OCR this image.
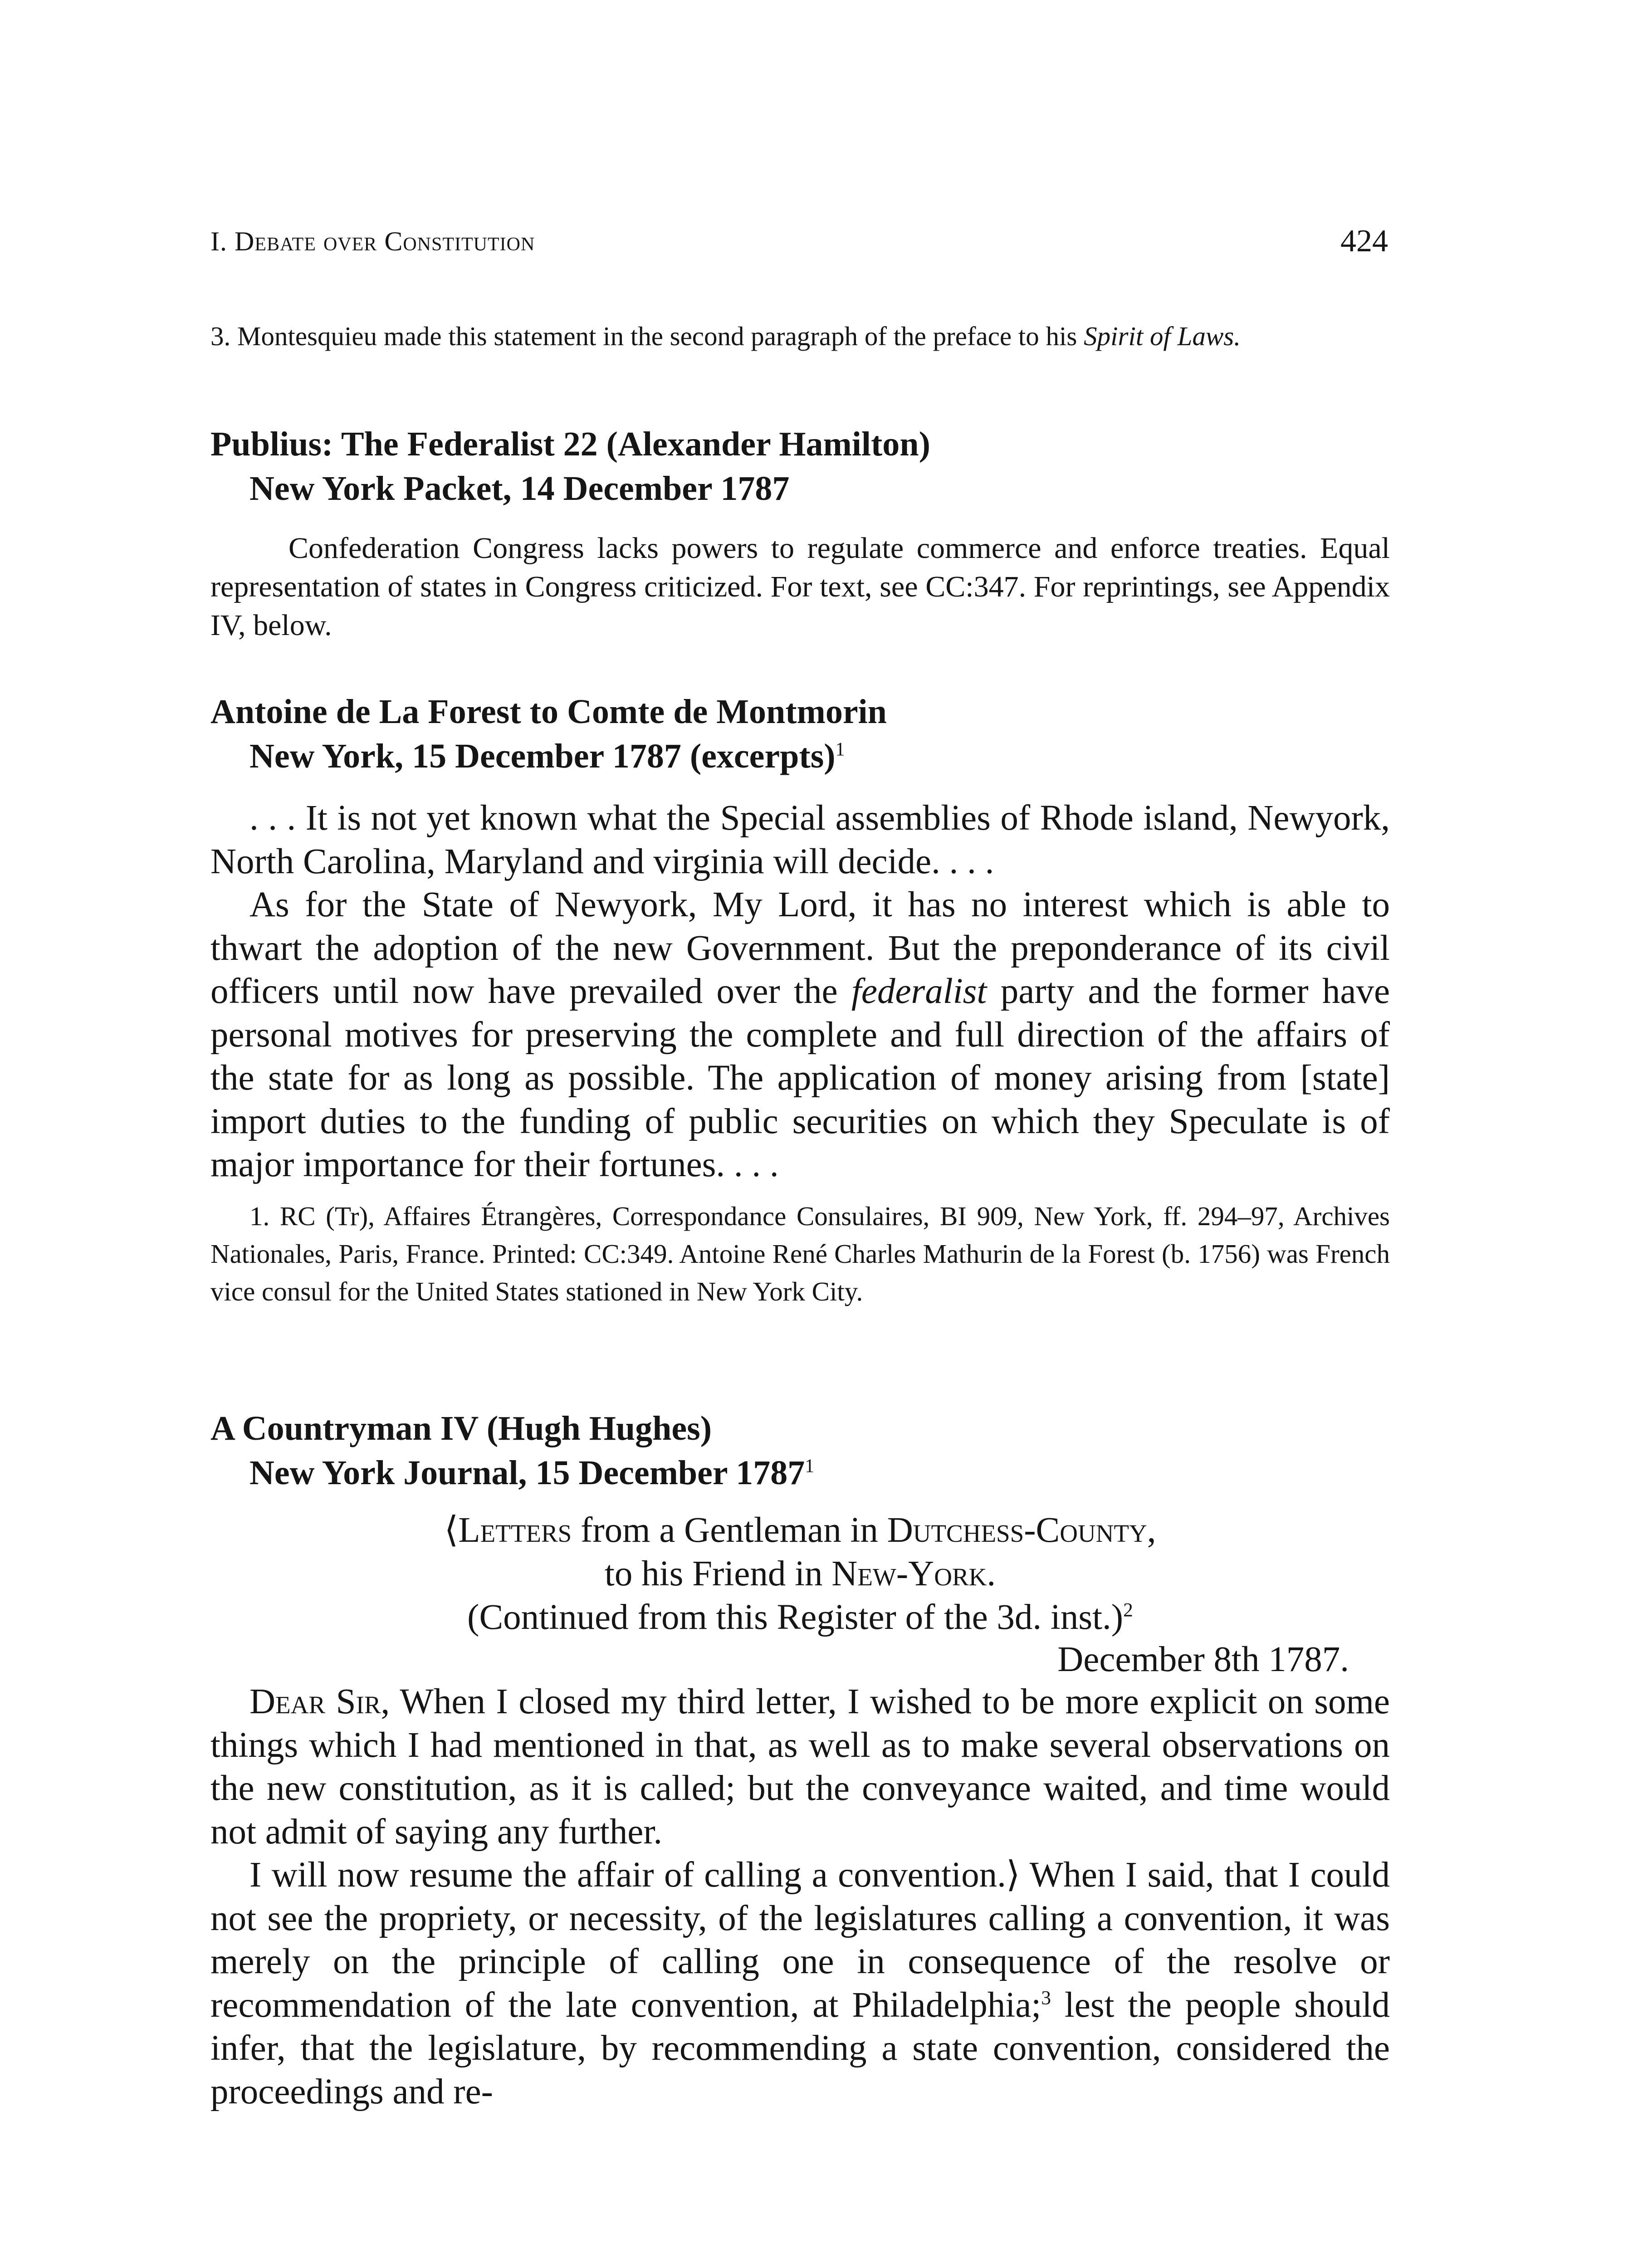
I. Debate over Constitution	424
3. Montesquieu made this statement in the second paragraph of the preface to his Spirit of Laws.
Publius: The Federalist 22 (Alexander Hamilton)
New York Packet, 14 December 1787
Confederation Congress lacks powers to regulate commerce and enforce treaties. Equal representation of states in Congress criticized. For text, see CC:347. For reprintings, see Appendix IV, below.
Antoine de La Forest to Comte de Montmorin
New York, 15 December 1787 (excerpts)$^1$

. . . It is not yet known what the Special assemblies of Rhode island, Newyork, North Carolina, Maryland and virginia will decide. . . .

As for the State of Newyork, My Lord, it has no interest which is able to thwart the adoption of the new Government. But the preponderance of its civil officers until now have prevailed over the federalist party and the former have personal motives for preserving the complete and full direction of the affairs of the state for as long as possible. The application of money arising from [state] import duties to the funding of public securities on which they Speculate is of major importance for their fortunes. . . .

1. RC (Tr), Affaires Étrangères, Correspondance Consulaires, BI 909, New York, ff. 294–97, Archives Nationales, Paris, France. Printed: CC:349. Antoine René Charles Mathurin de la Forest (b. 1756) was French vice consul for the United States stationed in New York City.
A Countryman IV (Hugh Hughes)
New York Journal, 15 December 1787$^1$
⟨Letters from a Gentleman in Dutchess-County,
to his Friend in New-York.
(Continued from this Register of the 3d. inst.)$^2$
December 8th 1787.

Dear Sir, When I closed my third letter, I wished to be more explicit on some things which I had mentioned in that, as well as to make several observations on the new constitution, as it is called; but the conveyance waited, and time would not admit of saying any further.

I will now resume the affair of calling a convention.⟩ When I said, that I could not see the propriety, or necessity, of the legislatures calling a convention, it was merely on the principle of calling one in consequence of the resolve or recommendation of the late convention, at Philadelphia;$^3$ lest the people should infer, that the legislature, by recommending a state convention, considered the proceedings and re-
